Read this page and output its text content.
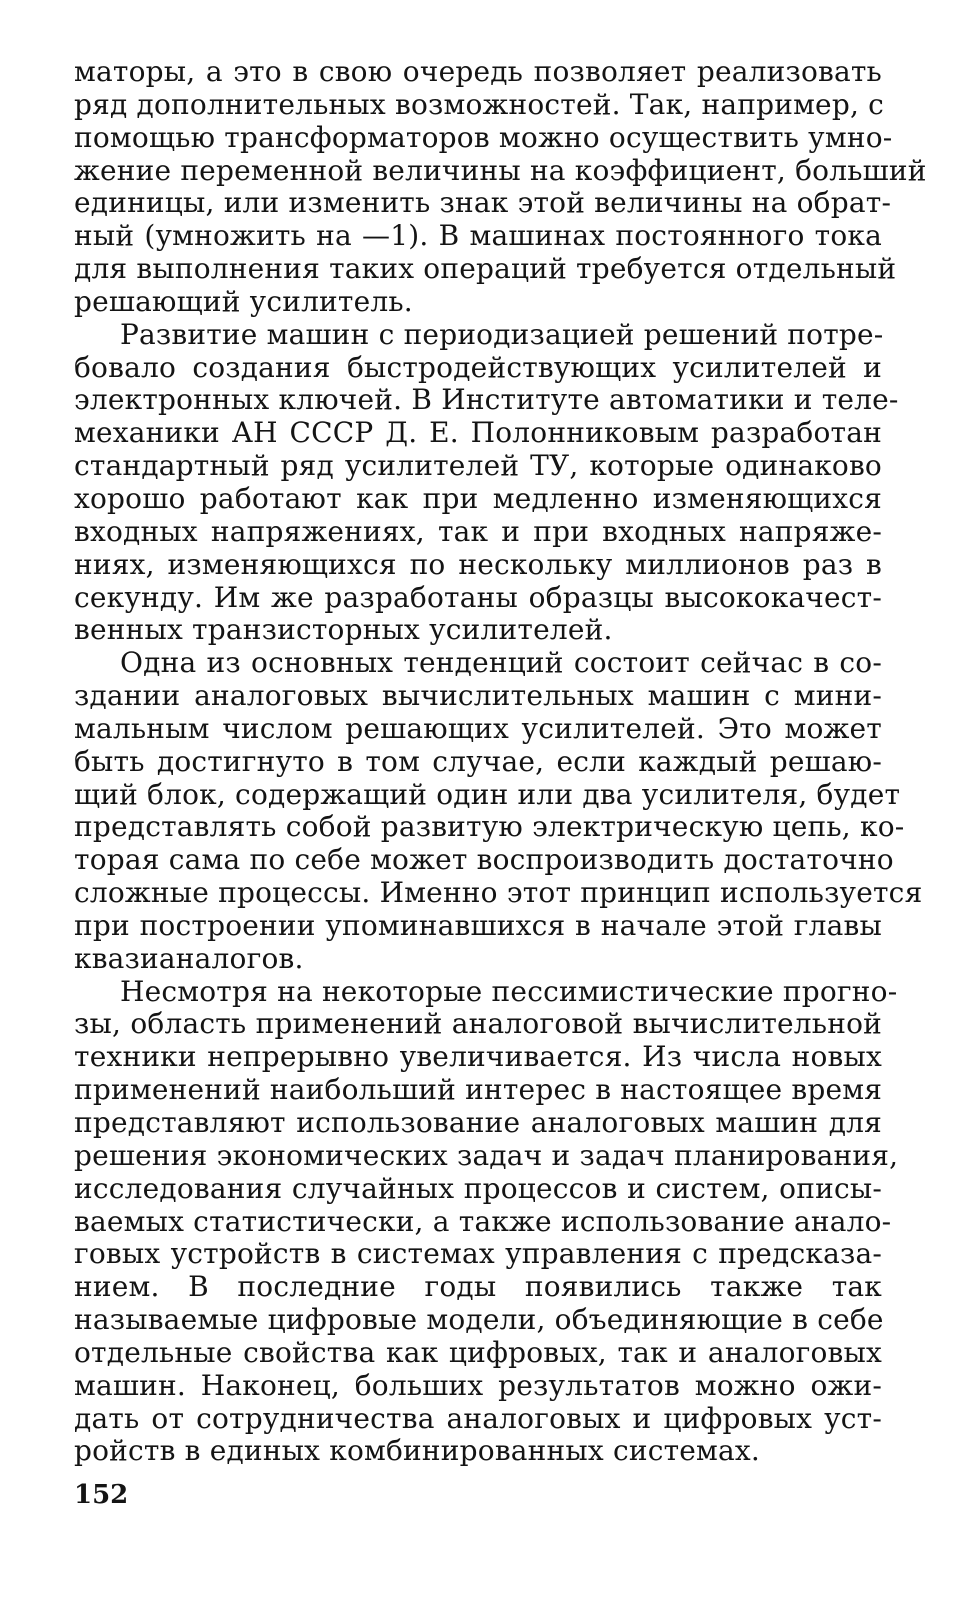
маторы, а это в свою очередь позволяет реализовать
ряд дополнительных возможностей. Так, например, с
помощью трансформаторов можно осуществить умно-
жение переменной величины на коэффициент, больший
единицы, или изменить знак этой величины на обрат-
ный (умножить на —1). В машинах постоянного тока
для выполнения таких операций требуется отдельный
решающий усилитель.
Развитие машин с периодизацией решений потре-
бовало создания быстродействующих усилителей и
электронных ключей. В Институте автоматики и теле-
механики АН СССР Д. Е. Полонниковым разработан
стандартный ряд усилителей ТУ, которые одинаково
хорошо работают как при медленно изменяющихся
входных напряжениях, так и при входных напряже-
ниях, изменяющихся по нескольку миллионов раз в
секунду. Им же разработаны образцы высококачест-
венных транзисторных усилителей.
Одна из основных тенденций состоит сейчас в со-
здании аналоговых вычислительных машин с мини-
мальным числом решающих усилителей. Это может
быть достигнуто в том случае, если каждый решаю-
щий блок, содержащий один или два усилителя, будет
представлять собой развитую электрическую цепь, ко-
торая сама по себе может воспроизводить достаточно
сложные процессы. Именно этот принцип используется
при построении упоминавшихся в начале этой главы
квазианалогов.
Несмотря на некоторые пессимистические прогно-
зы, область применений аналоговой вычислительной
техники непрерывно увеличивается. Из числа новых
применений наибольший интерес в настоящее время
представляют использование аналоговых машин для
решения экономических задач и задач планирования,
исследования случайных процессов и систем, описы-
ваемых статистически, а также использование анало-
говых устройств в системах управления с предсказа-
нием. В последние годы появились также так
называемые цифровые модели, объединяющие в себе
отдельные свойства как цифровых, так и аналоговых
машин. Наконец, больших результатов можно ожи-
дать от сотрудничества аналоговых и цифровых уст-
ройств в единых комбинированных системах.
152
